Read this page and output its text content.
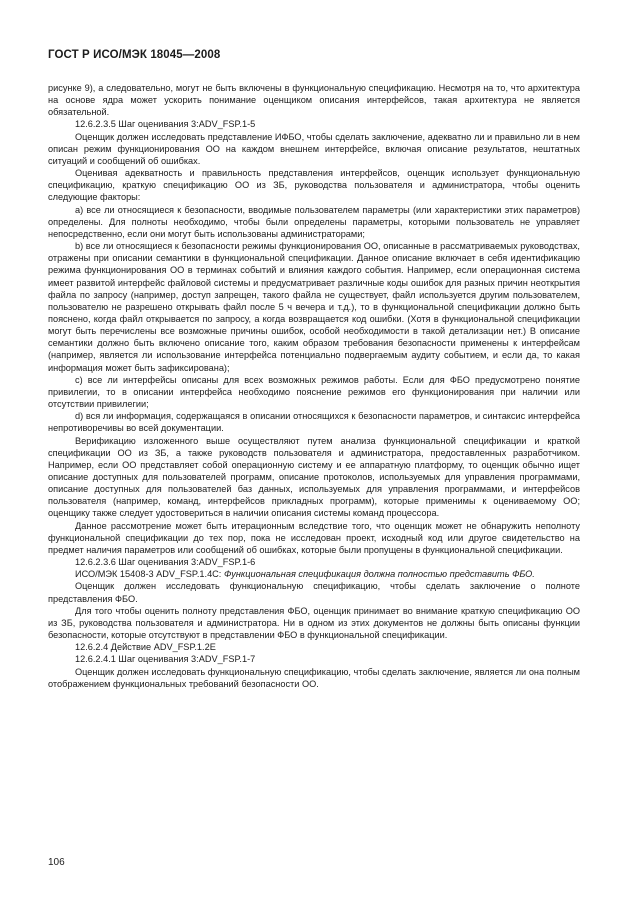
ГОСТ Р ИСО/МЭК 18045—2008

рисунке 9), а следовательно, могут не быть включены в функциональную спецификацию. Несмотря на то, что архитектура на основе ядра может ускорить понимание оценщиком описания интерфейсов, такая архитектура не является обязательной.

12.6.2.3.5 Шаг оценивания 3:ADV_FSP.1-5

Оценщик должен исследовать представление ИФБО, чтобы сделать заключение, адекватно ли и правильно ли в нем описан режим функционирования ОО на каждом внешнем интерфейсе, включая описание результатов, нештатных ситуаций и сообщений об ошибках.

Оценивая адекватность и правильность представления интерфейсов, оценщик использует функциональную спецификацию, краткую спецификацию ОО из ЗБ, руководства пользователя и администратора, чтобы оценить следующие факторы:

а) все ли относящиеся к безопасности, вводимые пользователем параметры (или характеристики этих параметров) определены. Для полноты необходимо, чтобы были определены параметры, которыми пользователь не управляет непосредственно, если они могут быть использованы администраторами;

b) все ли относящиеся к безопасности режимы функционирования ОО, описанные в рассматриваемых руководствах, отражены при описании семантики в функциональной спецификации. Данное описание включает в себя идентификацию режима функционирования ОО в терминах событий и влияния каждого события. Например, если операционная система имеет развитой интерфейс файловой системы и предусматривает различные коды ошибок для разных причин неоткрытия файла по запросу (например, доступ запрещен, такого файла не существует, файл используется другим пользователем, пользователю не разрешено открывать файл после 5 ч вечера и т.д.), то в функциональной спецификации должно быть пояснено, когда файл открывается по запросу, а когда возвращается код ошибки. (Хотя в функциональной спецификации могут быть перечислены все возможные причины ошибок, особой необходимости в такой детализации нет.) В описание семантики должно быть включено описание того, каким образом требования безопасности применены к интерфейсам (например, является ли использование интерфейса потенциально подвергаемым аудиту событием, и если да, то какая информация может быть зафиксирована);

с) все ли интерфейсы описаны для всех возможных режимов работы. Если для ФБО предусмотрено понятие привилегии, то в описании интерфейса необходимо пояснение режимов его функционирования при наличии или отсутствии привилегии;

d) вся ли информация, содержащаяся в описании относящихся к безопасности параметров, и синтаксис интерфейса непротиворечивы во всей документации.

Верификацию изложенного выше осуществляют путем анализа функциональной спецификации и краткой спецификации ОО из ЗБ, а также руководств пользователя и администратора, предоставленных разработчиком. Например, если ОО представляет собой операционную систему и ее аппаратную платформу, то оценщик обычно ищет описание доступных для пользователей программ, описание протоколов, используемых для управления программами, описание доступных для пользователей баз данных, используемых для управления программами, и интерфейсов пользователя (например, команд, интерфейсов прикладных программ), которые применимы к оцениваемому ОО; оценщику также следует удостовериться в наличии описания системы команд процессора.

Данное рассмотрение может быть итерационным вследствие того, что оценщик может не обнаружить неполноту функциональной спецификации до тех пор, пока не исследован проект, исходный код или другое свидетельство на предмет наличия параметров или сообщений об ошибках, которые были пропущены в функциональной спецификации.

12.6.2.3.6 Шаг оценивания 3:ADV_FSP.1-6

ИСО/МЭК 15408-3 ADV_FSP.1.4С: Функциональная спецификация должна полностью представить ФБО.

Оценщик должен исследовать функциональную спецификацию, чтобы сделать заключение о полноте представления ФБО.

Для того чтобы оценить полноту представления ФБО, оценщик принимает во внимание краткую спецификацию ОО из ЗБ, руководства пользователя и администратора. Ни в одном из этих документов не должны быть описаны функции безопасности, которые отсутствуют в представлении ФБО в функциональной спецификации.

12.6.2.4 Действие ADV_FSP.1.2Е

12.6.2.4.1 Шаг оценивания 3:ADV_FSP.1-7

Оценщик должен исследовать функциональную спецификацию, чтобы сделать заключение, является ли она полным отображением функциональных требований безопасности ОО.

106
